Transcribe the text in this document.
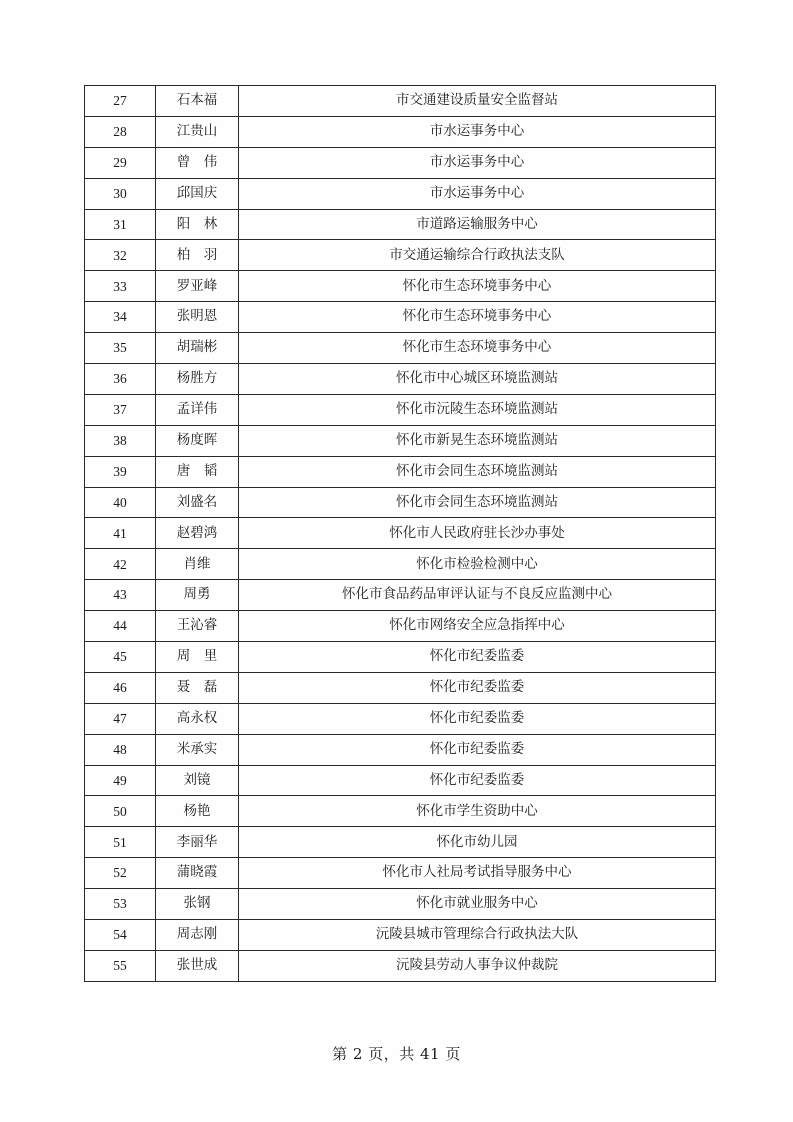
27	石本福	市交通建设质量安全监督站
28	江贵山	市水运事务中心
29	曾　伟	市水运事务中心
30	邱国庆	市水运事务中心
31	阳　林	市道路运输服务中心
32	柏　羽	市交通运输综合行政执法支队
33	罗亚峰	怀化市生态环境事务中心
34	张明恩	怀化市生态环境事务中心
35	胡瑞彬	怀化市生态环境事务中心
36	杨胜方	怀化市中心城区环境监测站
37	孟详伟	怀化市沅陵生态环境监测站
38	杨度晖	怀化市新晃生态环境监测站
39	唐　韬	怀化市会同生态环境监测站
40	刘盛名	怀化市会同生态环境监测站
41	赵碧鸿	怀化市人民政府驻长沙办事处
42	肖维	怀化市检验检测中心
43	周勇	怀化市食品药品审评认证与不良反应监测中心
44	王沁睿	怀化市网络安全应急指挥中心
45	周　里	怀化市纪委监委
46	聂　磊	怀化市纪委监委
47	高永权	怀化市纪委监委
48	米承实	怀化市纪委监委
49	刘镜	怀化市纪委监委
50	杨艳	怀化市学生资助中心
51	李丽华	怀化市幼儿园
52	蒲晓霞	怀化市人社局考试指导服务中心
53	张钢	怀化市就业服务中心
54	周志刚	沅陵县城市管理综合行政执法大队
55	张世成	沅陵县劳动人事争议仲裁院
第 2 页，共 41 页
